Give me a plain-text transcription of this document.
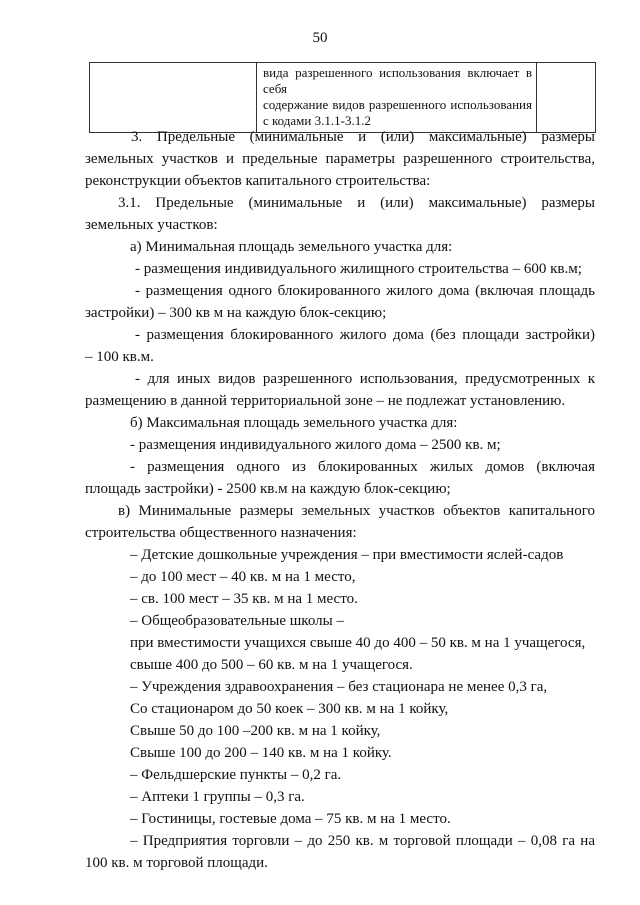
50

вида разрешенного использования включает в себя
содержание видов разрешенного использования
с кодами 3.1.1-3.1.2

3. Предельные (минимальные и (или) максимальные) размеры
земельных участков и предельные параметры разрешенного строительства,
реконструкции объектов капитального строительства:
3.1. Предельные (минимальные и (или) максимальные) размеры
земельных участков:
а) Минимальная площадь земельного участка для:
- размещения индивидуального жилищного строительства – 600 кв.м;
- размещения одного блокированного жилого дома (включая площадь
застройки) – 300 кв м на каждую блок-секцию;
- размещения блокированного жилого дома (без площади застройки)
– 100 кв.м.
- для иных видов разрешенного использования, предусмотренных к
размещению в данной территориальной зоне – не подлежат установлению.
б) Максимальная площадь земельного участка для:
- размещения индивидуального жилого дома – 2500 кв. м;
- размещения одного из блокированных жилых домов (включая
площадь застройки) - 2500 кв.м на каждую блок-секцию;
в) Минимальные размеры земельных участков объектов капитального
строительства общественного назначения:
– Детские дошкольные учреждения – при вместимости яслей-садов
– до 100 мест – 40 кв. м на 1 место,
– св. 100 мест – 35 кв. м на 1 место.
– Общеобразовательные школы –
при вместимости учащихся свыше 40 до 400 – 50 кв. м на 1 учащегося,
свыше 400 до 500 – 60 кв. м на 1 учащегося.
– Учреждения здравоохранения – без стационара не менее 0,3 га,
Со стационаром до 50 коек – 300 кв. м на 1 койку,
Свыше 50 до 100 –200 кв. м на 1 койку,
Свыше 100 до 200 – 140 кв. м на 1 койку.
– Фельдшерские пункты – 0,2 га.
– Аптеки 1 группы – 0,3 га.
– Гостиницы, гостевые дома – 75 кв. м на 1 место.
– Предприятия торговли – до 250 кв. м торговой площади – 0,08 га на
100 кв. м торговой площади.
